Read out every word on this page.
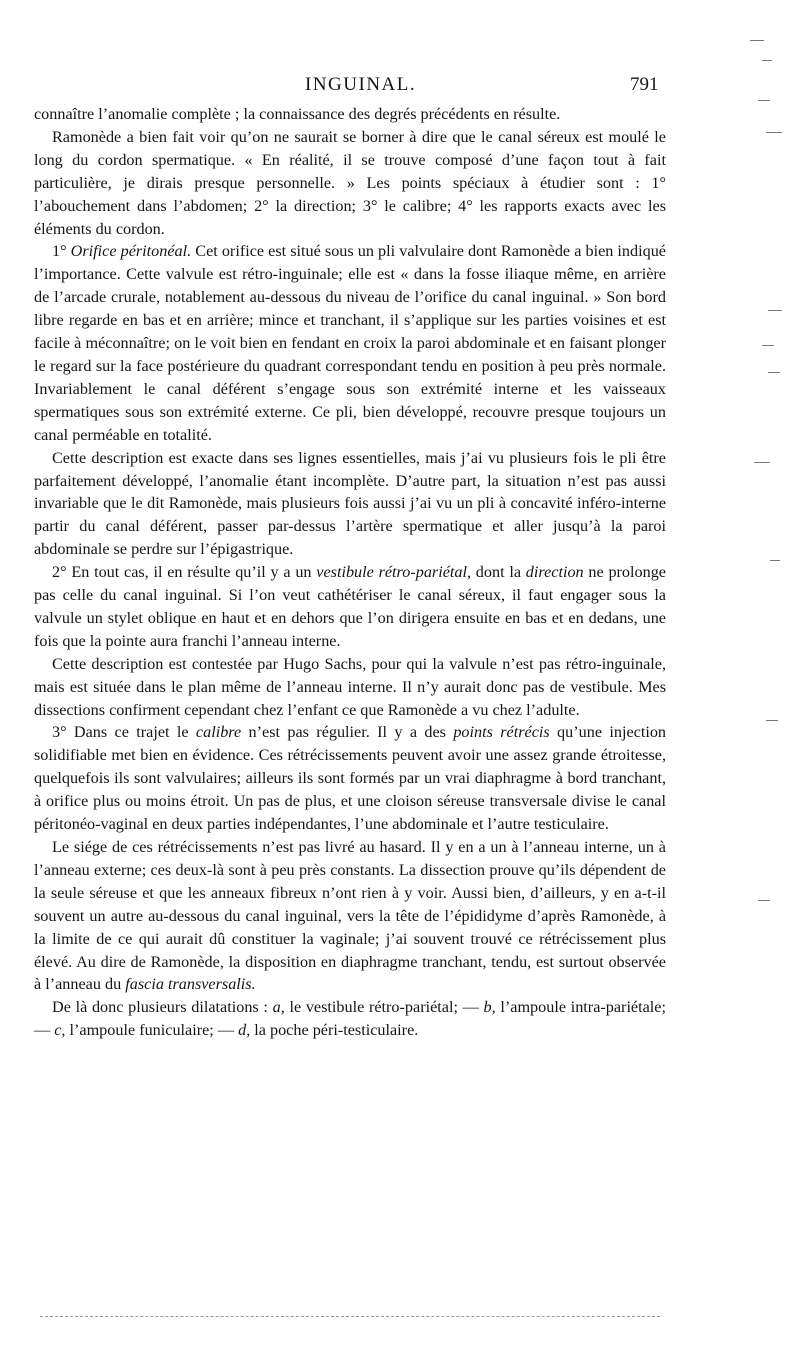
INGUINAL.	791

connaître l’anomalie complète ; la connaissance des degrés précédents en résulte.

Ramonède a bien fait voir qu’on ne saurait se borner à dire que le canal séreux est moulé le long du cordon spermatique. « En réalité, il se trouve composé d’une façon tout à fait particulière, je dirais presque personnelle. » Les points spéciaux à étudier sont : 1° l’abouchement dans l’abdomen; 2° la direction; 3° le calibre; 4° les rapports exacts avec les éléments du cordon.

1° Orifice péritonéal. Cet orifice est situé sous un pli valvulaire dont Ramonède a bien indiqué l’importance. Cette valvule est rétro-inguinale; elle est « dans la fosse iliaque même, en arrière de l’arcade crurale, notablement au-dessous du niveau de l’orifice du canal inguinal. » Son bord libre regarde en bas et en arrière; mince et tranchant, il s’applique sur les parties voisines et est facile à méconnaître; on le voit bien en fendant en croix la paroi abdominale et en faisant plonger le regard sur la face postérieure du quadrant correspondant tendu en position à peu près normale. Invariablement le canal déférent s’engage sous son extrémité interne et les vaisseaux spermatiques sous son extrémité externe. Ce pli, bien développé, recouvre presque toujours un canal perméable en totalité.

Cette description est exacte dans ses lignes essentielles, mais j’ai vu plusieurs fois le pli être parfaitement développé, l’anomalie étant incomplète. D’autre part, la situation n’est pas aussi invariable que le dit Ramonède, mais plusieurs fois aussi j’ai vu un pli à concavité inféro-interne partir du canal déférent, passer par-dessus l’artère spermatique et aller jusqu’à la paroi abdominale se perdre sur l’épigastrique.

2° En tout cas, il en résulte qu’il y a un vestibule rétro-pariétal, dont la direction ne prolonge pas celle du canal inguinal. Si l’on veut cathétériser le canal séreux, il faut engager sous la valvule un stylet oblique en haut et en dehors que l’on dirigera ensuite en bas et en dedans, une fois que la pointe aura franchi l’anneau interne.

Cette description est contestée par Hugo Sachs, pour qui la valvule n’est pas rétro-inguinale, mais est située dans le plan même de l’anneau interne. Il n’y aurait donc pas de vestibule. Mes dissections confirment cependant chez l’enfant ce que Ramonède a vu chez l’adulte.

3° Dans ce trajet le calibre n’est pas régulier. Il y a des points rétrécis qu’une injection solidifiable met bien en évidence. Ces rétrécissements peuvent avoir une assez grande étroitesse, quelquefois ils sont valvulaires; ailleurs ils sont formés par un vrai diaphragme à bord tranchant, à orifice plus ou moins étroit. Un pas de plus, et une cloison séreuse transversale divise le canal péritonéo-vaginal en deux parties indépendantes, l’une abdominale et l’autre testiculaire.

Le siége de ces rétrécissements n’est pas livré au hasard. Il y en a un à l’anneau interne, un à l’anneau externe; ces deux-là sont à peu près constants. La dissection prouve qu’ils dépendent de la seule séreuse et que les anneaux fibreux n’ont rien à y voir. Aussi bien, d’ailleurs, y en a-t-il souvent un autre au-dessous du canal inguinal, vers la tête de l’épididyme d’après Ramonède, à la limite de ce qui aurait dû constituer la vaginale; j’ai souvent trouvé ce rétrécissement plus élevé. Au dire de Ramonède, la disposition en diaphragme tranchant, tendu, est surtout observée à l’anneau du fascia transversalis.

De là donc plusieurs dilatations : a, le vestibule rétro-pariétal; — b, l’ampoule intra-pariétale; — c, l’ampoule funiculaire; — d, la poche péri-testiculaire.
